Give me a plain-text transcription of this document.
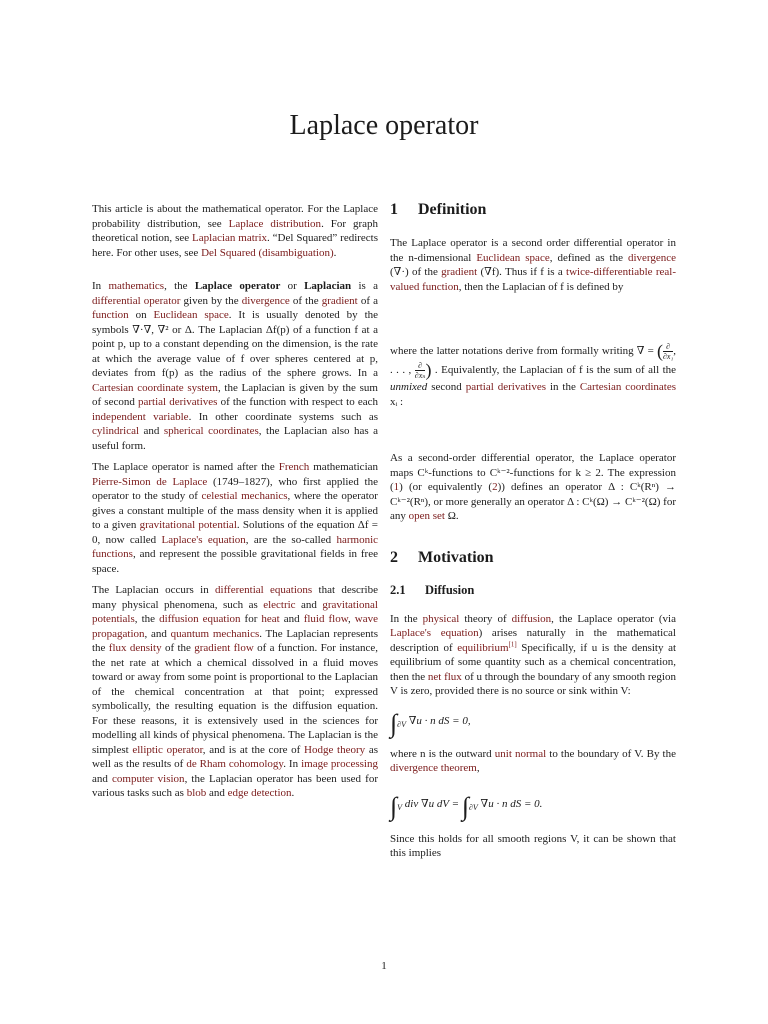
Laplace operator

This article is about the mathematical operator. For the Laplace probability distribution, see Laplace distribution. For graph theoretical notion, see Laplacian matrix. “Del Squared” redirects here. For other uses, see Del Squared (disambiguation).

In mathematics, the Laplace operator or Laplacian is a differential operator given by the divergence of the gradient of a function on Euclidean space. It is usually denoted by the symbols ∇·∇, ∇² or Δ. The Laplacian Δf(p) of a function f at a point p, up to a constant depending on the dimension, is the rate at which the average value of f over spheres centered at p, deviates from f(p) as the radius of the sphere grows. In a Cartesian coordinate system, the Laplacian is given by the sum of second partial derivatives of the function with respect to each independent variable. In other coordinate systems such as cylindrical and spherical coordinates, the Laplacian also has a useful form.

The Laplace operator is named after the French mathematician Pierre-Simon de Laplace (1749–1827), who first applied the operator to the study of celestial mechanics, where the operator gives a constant multiple of the mass density when it is applied to a given gravitational potential. Solutions of the equation Δf = 0, now called Laplace's equation, are the so-called harmonic functions, and represent the possible gravitational fields in free space.

The Laplacian occurs in differential equations that describe many physical phenomena, such as electric and gravitational potentials, the diffusion equation for heat and fluid flow, wave propagation, and quantum mechanics. The Laplacian represents the flux density of the gradient flow of a function. For instance, the net rate at which a chemical dissolved in a fluid moves toward or away from some point is proportional to the Laplacian of the chemical concentration at that point; expressed symbolically, the resulting equation is the diffusion equation. For these reasons, it is extensively used in the sciences for modelling all kinds of physical phenomena. The Laplacian is the simplest elliptic operator, and is at the core of Hodge theory as well as the results of de Rham cohomology. In image processing and computer vision, the Laplacian operator has been used for various tasks such as blob and edge detection.

1 Definition

The Laplace operator is a second order differential operator in the n-dimensional Euclidean space, defined as the divergence (∇·) of the gradient (∇f). Thus if f is a twice-differentiable real-valued function, then the Laplacian of f is defined by

where the latter notations derive from formally writing ∇ = ( $\frac{\partial}{\text{∂x₁}}$ , . . . , $\frac{\partial}{\text{∂xₙ}}$ ) . Equivalently, the Laplacian of f is the sum of all the unmixed second partial derivatives in the Cartesian coordinates xᵢ :

As a second-order differential operator, the Laplace operator maps Cᵏ-functions to Cᵏ⁻²-functions for k ≥ 2. The expression (1) (or equivalently (2)) defines an operator Δ : Cᵏ(Rⁿ) → Cᵏ⁻²(Rⁿ), or more generally an operator Δ : Cᵏ(Ω) → Cᵏ⁻²(Ω) for any open set Ω.

2 Motivation
2.1 Diffusion

In the physical theory of diffusion, the Laplace operator (via Laplace's equation) arises naturally in the mathematical description of equilibrium[1] Specifically, if u is the density at equilibrium of some quantity such as a chemical concentration, then the net flux of u through the boundary of any smooth region V is zero, provided there is no source or sink within V:

$\int_{\partial V}$ ∇u · n dS = 0,

where n is the outward unit normal to the boundary of V. By the divergence theorem,

$\int_V$ div ∇u dV = $\int_{\partial V}$ ∇u · n dS = 0.

Since this holds for all smooth regions V, it can be shown that this implies

1
